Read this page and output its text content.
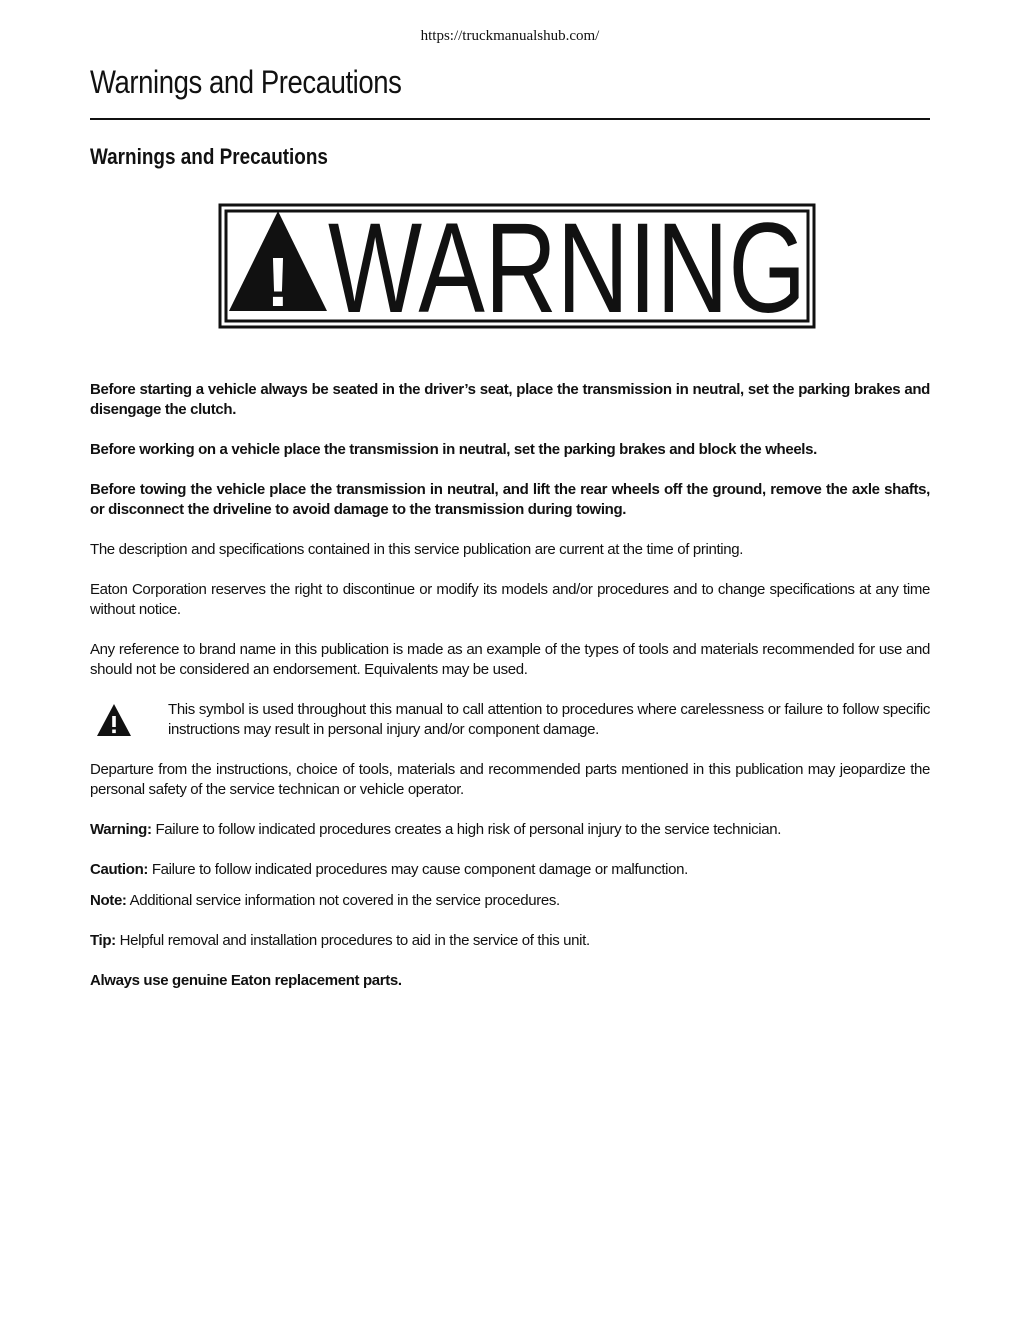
https://truckmanualshub.com/
Warnings and Precautions
Warnings and Precautions
! WARNING

Before starting a vehicle always be seated in the driver’s seat, place the transmission in neutral, set the parking brakes and disengage the clutch.

Before working on a vehicle place the transmission in neutral, set the parking brakes and block the wheels.

Before towing the vehicle place the transmission in neutral, and lift the rear wheels off the ground, remove the axle shafts, or disconnect the driveline to avoid damage to the transmission during towing.

The description and specifications contained in this service publication are current at the time of printing.

Eaton Corporation reserves the right to discontinue or modify its models and/or procedures and to change specifications at any time without notice.

Any reference to brand name in this publication is made as an example of the types of tools and materials recommended for use and should not be considered an endorsement. Equivalents may be used.

This symbol is used throughout this manual to call attention to procedures where carelessness or failure to follow specific instructions may result in personal injury and/or component damage.

Departure from the instructions, choice of tools, materials and recommended parts mentioned in this publication may jeopardize the personal safety of the service technican or vehicle operator.

Warning: Failure to follow indicated procedures creates a high risk of personal injury to the service technician.

Caution: Failure to follow indicated procedures may cause component damage or malfunction.

Note: Additional service information not covered in the service procedures.

Tip: Helpful removal and installation procedures to aid in the service of this unit.

Always use genuine Eaton replacement parts.
